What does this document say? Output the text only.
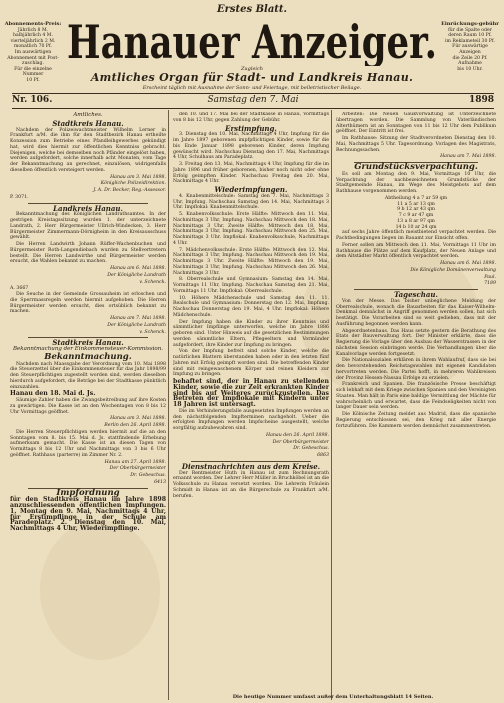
Erstes Blatt.
Abonnements-Preis:
Jährlich 8 M.
halbjährlich 4 M.
vierteljährlich 2 M.
monatlich 70 Pf.
Im auswärtigen Abonnement mit Post-
zuschlag.
Für die einzelne Nummer
10 Pf.
Einrückungs-gebühr
für die Spalte oder
deren Raum 10 Pf.
im Reklameteil 30 Pf.
Für auswärtige
Anzeigen
die Zeile 20 Pf.
Aufnahme
bis 10 Uhr.
Hanauer Anzeiger.
Zugleich
Amtliches Organ für Stadt- und Landkreis Hanau.
Erscheint täglich mit Ausnahme der Sonn- und Feiertage, mit belletristischer Beilage.
Nr. 106.	Samstag den 7. Mai	1898
Amtliches.
Stadtkreis Hanau.

Nachdem der Polizeiwachtmeister Wilhelm Lerner in Frankfurt a/M. die ihm für den Stadtbezirk Hanau ertheilte Konzession zum Betriebe eines Pfandleihgewerbes gekündigt hat, wird dies hiermit zur öffentlichen Kenntniss gebracht. Diejenigen, welche bei demselben noch Pfänder eingelöst haben, werden aufgefordert, solche innerhalb acht Monaten, vom Tage der Bekanntmachung an gerechnet, einzulösen, widrigenfalls dieselben öffentlich versteigert werden.

Hanau am 3. Mai 1898.
Königliche Polizeidirektion.
J. A. Dr. Becker, Reg.-Assessor.
P. 3071.
Landkreis Hanau.

Bekanntmachung des Königlichen Landrathsamtes. In der gestrigen Kreistagssitzung wurden 1. der unterzeichnete Landrath, 2. Herr Bürgermeister Ullrich-Windecken, 3. Herr Bürgermeister Zimmermann-Dörnigheim in den Kreisausschuss gewählt.

Die Herren Landwirth Johann Rüffer-Wachenbuchen und Bürgermeister Roth-Langendiebach wurden zu Stellvertretern bestellt. Die Herren Landwirthe und Bürgermeister werden ersucht, die Wahlen bekannt zu machen.

Hanau am 6. Mai 1898.
Der Königliche Landrath
v. Schenck.
A. 3667

Die Seuche in der Gemeinde Grossauheim ist erloschen und die Sperrmassregeln werden hiermit aufgehoben. Die Herren Bürgermeister werden ersucht, dies ortsüblich bekannt zu machen.

Hanau am 7. Mai 1898.
Der Königliche Landrath
v. Schenck.
Stadtkreis Hanau.
Bekanntmachung der Einkommensteuer-Kommission.
Bekanntmachung.

Nachdem nach Maassgabe der Verordnung vom 10. Mai 1898 die Steuerzettel über die Einkommensteuer für das Jahr 1898/99 den Steuerpflichtigen zugestellt worden sind, werden dieselben hierdurch aufgefordert, die Beträge bei der Stadtkasse pünktlich einzuzahlen.

Hanau den 18. Mai d. Js.

Säumige Zahler haben die Zwangsbeitreibung auf ihre Kosten zu gewärtigen. Die Kasse ist an den Wochentagen von 8 bis 12 Uhr Vormittags geöffnet.

Hanau am 3. Mai 1898.
Berlin den 26. April 1898.

Die Herren Steuerpflichtigen werden hiermit auf die an den Sonntagen vom 8. bis 15. Mai d. Js. stattfindende Erhebung aufmerksam gemacht. Die Kasse ist an diesen Tagen von Vormittags 8 bis 12 Uhr und Nachmittags von 3 bis 6 Uhr geöffnet. Rathhaus (parterre) im Zimmer Nr. 2.

Hanau am 27. April 1898.
Der Oberbürgermeister
Dr. Gebeschus.
6413
Impfordnung

für den Stadtkreis Hanau im Jahre 1898 anzuschliessenden öffentlichen Impfungen. 1. Montag den 9. Mai, Nachmittags 4 Uhr, für Erstimpflinge in der Schule am Paradeplatz. 2. Dienstag den 10. Mai, Nachmittags 4 Uhr, Wiederimpflinge.

den 10. und 17. Mai bei der Stadtkasse in Hanau, Vormittags von 8 bis 12 Uhr, gegen Zahlung der Gebühr.

Erstimpfung.

3. Dienstag den 10. Mai, Nachmittags 4 Uhr, Impfung für die im Jahre 1897 geborenen impfpflichtigen Kinder, sowie für die bis Ende Januar 1898 geborenen Kinder, deren Impfung gewünscht wird. Nachschau Dienstag den 17. Mai, Nachmittags 4 Uhr, Schulhaus am Paradeplatz.

3. Freitag den 13. Mai, Nachmittags 4 Uhr, Impfung für die im Jahre 1896 und früher geborenen, bisher noch nicht oder ohne Erfolg geimpften Kinder. Nachschau Freitag den 20. Mai, Nachmittags 4 Uhr.

Wiederimpfungen.

4. Knabenmittelschule: Samstag den 7. Mai, Nachmittags 3 Uhr, Impfung. Nachschau Samstag den 14. Mai, Nachmittags 3 Uhr. Impflokal: Knabenmittelschule.

5. Knabenvolksschule: Erste Hälfte: Mittwoch den 11. Mai, Nachmittags 3 Uhr, Impfung. Nachschau Mittwoch den 18. Mai, Nachmittags 3 Uhr. Zweite Hälfte: Mittwoch den 18. Mai, Nachmittags 3 Uhr, Impfung. Nachschau Mittwoch den 25. Mai, Nachmittags 3 Uhr. Impflokal: Knabenvolksschule, Nachmittags 4 Uhr.

7. Mädchenvolksschule: Erste Hälfte: Mittwoch den 12. Mai, Nachmittags 3 Uhr, Impfung. Nachschau Mittwoch den 19. Mai, Nachmittags 3 Uhr. Zweite Hälfte: Mittwoch den 19. Mai, Nachmittags 3 Uhr, Impfung. Nachschau Mittwoch den 26. Mai, Nachmittags 3 Uhr.

8. Oberrealschule und Gymnasium: Samstag den 14. Mai, Vormittags 11 Uhr, Impfung. Nachschau Samstag den 21. Mai, Vormittags 11 Uhr. Impflokal: Oberrealschule.

10. Höhere Mädchenschule und Samstag den 11. 11. Realschule und Gymnasium: Donnerstag den 12. Mai, Impfung. Nachschau Donnerstag den 19. Mai, 4 Uhr. Impflokal: Höhere Mädchenschule.

Der Impfung haben die Kinder zu ihrer Kenntniss und sämmtlicher Impflinge unterworfen, welche im Jahre 1886 geboren sind. Unter Hinweis auf die gesetzlichen Bestimmungen werden sämmtliche Eltern, Pflegeeltern und Vormünder aufgefordert, ihre Kinder zur Impfung zu bringen.

Von der Impfung befreit sind solche Kinder, welche die natürlichen Blattern überstanden haben oder in den letzten fünf Jahren mit Erfolg geimpft worden sind. Die betreffenden Kinder sind mit reingewaschenem Körper und reinen Kleidern zur Impfung zu bringen.

behaftet sind, der in Hanau zu stellenden Kinder, sowie die zur Zeit erkrankten Kinder sind bis auf Weiteres zurückzustellen. Das Betreten der Impflokale mit Kindern unter 18 Jahren ist untersagt.

Die im Verhinderungsfalle ausgesetzten Impfungen werden an den nächstfolgenden Impfterminen nachgeholt. Ueber die erfolgten Impfungen werden Impfscheine ausgestellt, welche sorgfältig aufzubewahren sind.

Hanau den 26. April 1898.
Der Oberbürgermeister
Dr. Gebeschus.
6863
Dienstnachrichten aus dem Kreise.

Der Rentmeister Huth in Hanau ist zum Rechnungsrath ernannt worden. Der Lehrer Herr Müller in Bruchköbel ist an die Volksschule zu Hanau versetzt worden. Die Lehrerin Fräulein Schmidt in Hanau ist an die Bürgerschule zu Frankfurt a/M. berufen.

Arbeiten: Die Neuen Gaukvorwaltung ist Unterzeichnete übertragen worden. Die Sammlung von Vaterländischen Alterthümern ist an Sonntagen von 11 bis 12 Uhr dem Publikum geöffnet. Der Eintritt ist frei.

Im Rathhause: Sitzung der Stadtverordneten Dienstag den 10. Mai, Nachmittags 5 Uhr. Tagesordnung: Vorlagen des Magistrats, Rechnungssachen.

Hanau am 7. Mai 1898.
Grundstücksverpachtung.

Es soll am Montag den 9. Mai, Vormittags 10 Uhr, die Verpachtung der nachbezeichneten Grundstücke der Stadtgemeinde Hanau, im Wege des Meistgebots auf dem Rathhause vorgenommen werden.

Abtheilung 4 a 7 ar 59 qm
11 a 5 ar 13 qm
9 b 12 ar 43 qm
7 c 9 ar 47 qm
13 a 8 ar 97 qm
14 b 10 ar 24 qm

auf sechs Jahre öffentlich meistbietend verpachtet werden. Die Pachtbedingungen liegen im Bauamt zur Einsicht offen.

Ferner sollen am Mittwoch den 11. Mai, Vormittags 11 Uhr im Rathhause die Plätze auf dem Kaufplatz, der Neuen Anlage und dem Altstädter Markt öffentlich verpachtet werden.

Hanau am 6. Mai 1898.
Die Königliche Domänenverwaltung
Paul.
7189
Tageschau.

Von der Messe. Das bisher unbeglichene Meldung der Oberrealschule, wonach die Bauarbeiten für das Kaiser-Wilhelm-Denkmal demnächst in Angriff genommen werden sollen, hat sich bestätigt. Die Vorarbeiten sind so weit gediehen, dass mit der Ausführung begonnen werden kann.

Abgeordnetenhaus. Das Haus setzte gestern die Berathung des Etats der Bauverwaltung fort. Der Minister erklärte, dass die Regierung die Vorlage über den Ausbau der Wasserstrassen in der nächsten Session einbringen werde. Die Verhandlungen über die Kanalvorlage werden fortgesetzt.

Die Nationalsozialen erklären in ihrem Wahlaufruf, dass sie bei den bevorstehenden Reichstagswahlen mit eigenen Kandidaten hervortreten werden. Die Partei hofft, in mehreren Wahlkreisen der Provinz Hessen-Nassau Erfolge zu erzielen.

Frankreich und Spanien. Die französische Presse beschäftigt sich lebhaft mit dem Kriege zwischen Spanien und den Vereinigten Staaten. Man hält in Paris eine baldige Vermittlung der Mächte für wahrscheinlich und erwartet, dass die Feindseligkeiten nicht von langer Dauer sein werden.

Die Kölnische Zeitung meldet aus Madrid, dass die spanische Regierung entschlossen sei, den Krieg mit aller Energie fortzuführen. Die Kammern werden demnächst zusammentreten.

Die heutige Nummer umfasst außer dem Unterhaltungsblatt 14 Seiten.
